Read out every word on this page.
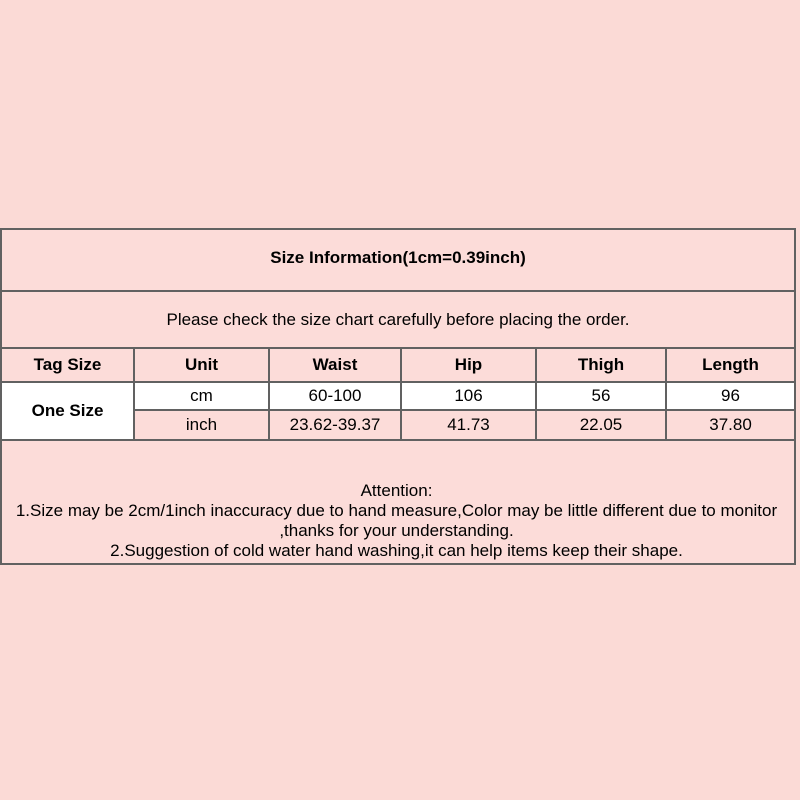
Size Information(1cm=0.39inch)					
Please check the size chart carefully before placing the order.					
Tag Size	Unit	Waist	Hip	Thigh	Length
One Size	cm	60-100	106	56	96
	inch	23.62-39.37	41.73	22.05	37.80

Attention:
1.Size may be 2cm/1inch inaccuracy due to hand measure,Color may be little different due to monitor ,thanks for your understanding.
2.Suggestion of cold water hand washing,it can help items keep their shape.					
